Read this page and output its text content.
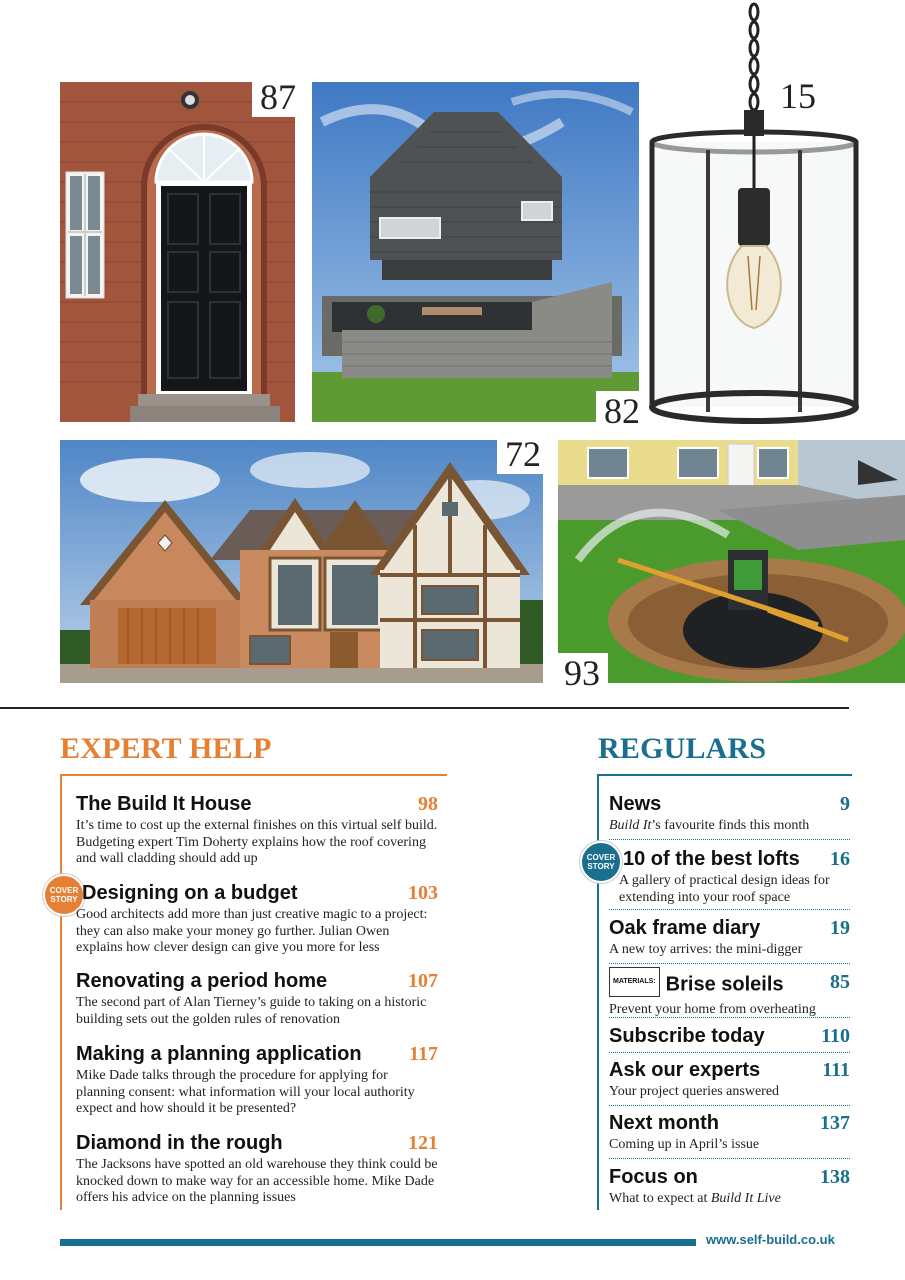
87
82
15
72
93
EXPERT HELP	REGULARS
The Build It House	98
It’s time to cost up the external finishes on this virtual self build. Budgeting expert Tim Doherty explains how the roof covering and wall cladding should add up
COVER
STORY Designing on a budget	103
Good architects add more than just creative magic to a project: they can also make your money go further. Julian Owen explains how clever design can give you more for less
Renovating a period home	107
The second part of Alan Tierney’s guide to taking on a historic building sets out the golden rules of renovation
Making a planning application	117
Mike Dade talks through the procedure for applying for planning consent: what information will your local authority expect and how should it be presented?
Diamond in the rough	121
The Jacksons have spotted an old warehouse they think could be knocked down to make way for an accessible home. Mike Dade offers his advice on the planning issues
News	9
Build It’s favourite finds this month
COVER
STORY 10 of the best lofts	16
A gallery of practical design ideas for extending into your roof space
Oak frame diary	19
A new toy arrives: the mini-digger
MATERIALS: Brise soleils	85
Prevent your home from overheating
Subscribe today	110
Ask our experts	111
Your project queries answered
Next month	137
Coming up in April’s issue
Focus on	138
What to expect at Build It Live
www.self-build.co.uk
